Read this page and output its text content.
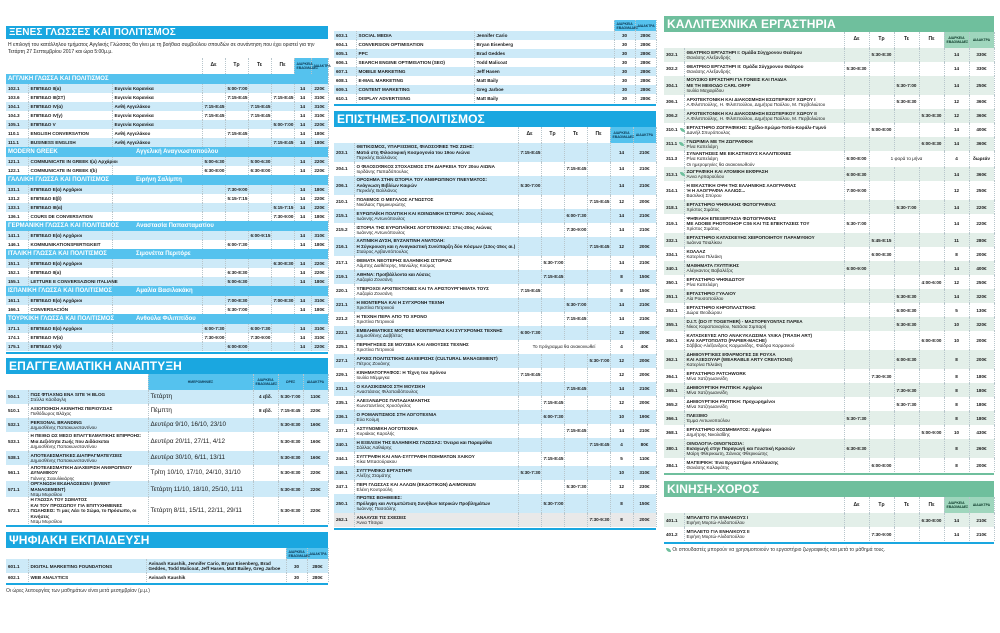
ΞΕΝΕΣ ΓΛΩΣΣΕΣ ΚΑΙ ΠΟΛΙΤΙΣΜΟΣ
Η επιλογή του κατάλληλου τμήματος Αγγλικής Γλώσσας θα γίνει με τη βοήθεια συμβούλου σπουδών σε συνάντηση που έχει οριστεί για την Τετάρτη 27 Σεπτεμβρίου 2017 και ώρα 5:00μ.μ.
			Δε	Τρ	Τε	Πε	ΔΙΑΡΚΕΙΑ ΕΒΔΟΜΑΔΕΣ	ΔΙΔΑΚΤΡΑ

ΑΓΓΛΙΚΗ ΓΛΩΣΣΑ ΚΑΙ ΠΟΛΙΤΙΣΜΟΣ								

102.1	ΕΠΙΠΕΔΟ ΙΙ(α)	Ευγενία Καρανίκα		5:00-7:00			14	220€
103.6	ΕΠΙΠΕΔΟ ΙΙΙ(ΣΤ)	Ευγενία Καρανίκα		7:15-8:45		7:15-8:45	14	310€
104.1	ΕΠΙΠΕΔΟ ΙV(α)	Ανθή Αγγελάκου	7:15-8:45		7:15-8:45		14	310€
104.3	ΕΠΙΠΕΔΟ ΙV(γ)	Ευγενία Καρανίκα	7:15-8:45		7:15-8:45		14	310€
105.1	ΕΠΙΠΕΔΟ V	Ευγενία Καρανίκα				5:00-7:00	14	220€
110.1	ENGLISH CONVERSATION	Ανθή Αγγελάκου		7:15-8:45			14	180€
111.1	BUSINESS ENGLISH	Ανθή Αγγελάκου				7:15-8:45	14	180€

MODERN GREEK Αγγελική Αναγνωστοπούλου								

121.1	COMMUNICATE IN GREEK I(a) Αρχάριοι		5:00-6:30		5:00-6:30		14	220€
122.1	COMMUNICATE IN GREEK I(b)		6:30-8:00		6:30-8:00		14	220€

ΓΑΛΛΙΚΗ ΓΛΩΣΣΑ ΚΑΙ ΠΟΛΙΤΙΣΜΟΣ Ειρήνη Σαλίμπη								

131.1	ΕΠΙΠΕΔΟ Ε(α) Αρχάριοι			7:30-9:00			14	180€
131.2	ΕΠΙΠΕΔΟ Ε(β)			5:15-7:15			14	220€
133.1	ΕΠΙΠΕΔΟ ΙΙΙ(α)					5:15-7:15	14	220€
136.1	COURS DE CONVERSATION					7:30-9:00	14	180€

ΓΕΡΜΑΝΙΚΗ ΓΛΩΣΣΑ ΚΑΙ ΠΟΛΙΤΙΣΜΟΣ Αναστασία Παπασταματίου								

141.1	ΕΠΙΠΕΔΟ Ε(α) Αρχάριοι				6:00-9:15		14	310€
146.1	KOMMUNIKATIONSFERTIGKEIT			6:00-7:30			14	180€

ΙΤΑΛΙΚΗ ΓΛΩΣΣΑ ΚΑΙ ΠΟΛΙΤΙΣΜΟΣ Σιμονέττα Περιτόρε								

151.1	ΕΠΙΠΕΔΟ Ε(α) Αρχάριοι					6:30-8:30	14	220€
152.1	ΕΠΙΠΕΔΟ ΙΙ(α)			6:30-8:30			14	220€
155.1	LETTURE E CONVERSAZIONI ITALIANE			5:00-6:30			14	180€

ΙΣΠΑΝΙΚΗ ΓΛΩΣΣΑ ΚΑΙ ΠΟΛΙΤΙΣΜΟΣ Αμαλία Βασιλακάκη								

161.1	ΕΠΙΠΕΔΟ Ε(α) Αρχάριοι			7:00-8:30		7:00-8:30	14	310€
166.1	CONVERSACIÓN			5:30-7:00			14	180€

ΤΟΥΡΚΙΚΗ ΓΛΩΣΣΑ ΚΑΙ ΠΟΛΙΤΙΣΜΟΣ Ανθούλα Φιλιππίδου								

171.1	ΕΠΙΠΕΔΟ Ε(α) Αρχάριοι		6:00-7:30		6:00-7:30		14	310€
174.1	ΕΠΙΠΕΔΟ ΙV(α)		7:30-9:00		7:30-9:00		14	310€
175.1	ΕΠΙΠΕΔΟ V(α)			6:00-8:00			14	220€
ΕΠΑΓΓΕΛΜΑΤΙΚΗ ΑΝΑΠΤΥΞΗ
		ΗΜΕΡΟΜΗΝΙΕΣ	ΔΙΑΡΚΕΙΑ ΕΒΔΟΜΑΔΕΣ	ΩΡΕΣ	ΔΙΔΑΚΤΡΑ
504.1	ΠΩΣ ΦΤΙΑΧΝΩ ΕΝΑ SITE Ή BLOG
Στέλλα Κάσδαγλη	Τετάρτη	4 εβδ.	5:30-7:00	110€
510.1	ΑΞΙΟΠΟΙΗΣΗ ΑΚΙΝΗΤΗΣ ΠΕΡΙΟΥΣΙΑΣ
Πυθόδωρος Βλάχος	Πέμπτη	8 εβδ.	7:15-8:45	220€
532.1	PERSONAL BRANDING
Δημοσθένης Παπακωνσταντίνου	Δευτέρα 9/10, 16/10, 23/10		5:30-8:30	160€
533.1	Η ΠΕΙΘΩ ΩΣ ΜΕΣΟ ΕΠΑΓΓΕΛΜΑΤΙΚΗΣ ΕΠΙΡΡΟΗΣ:
Μια Δεξιότητα Ζωής που Διδάσκεται
Δημοσθένης Παπακωνσταντίνου	Δευτέρα 20/11, 27/11, 4/12		5:30-8:30	160€
538.1	ΑΠΟΤΕΛΕΣΜΑΤΙΚΕΣ ΔΙΑΠΡΑΓΜΑΤΕΥΣΕΙΣ
Δημοσθένης Παπακωνσταντίνου	Δευτέρα 30/10, 6/11, 13/11		5:30-8:30	160€
561.1	ΑΠΟΤΕΛΕΣΜΑΤΙΚΗ ΔΙΑΧΕΙΡΙΣΗ ΑΝΘΡΩΠΙΝΟΥ ΔΥΝΑΜΙΚΟΥ
Γιάννης Σαουλίκιάρης	Τρίτη 10/10, 17/10, 24/10, 31/10		5:30-8:30	220€
571.1	ΟΡΓΑΝΩΣΗ ΕΚΔΗΛΩΣΕΩΝ I (EVENT MANAGEMENT)
Νταμ Μυρσίλου	Τετάρτη 11/10, 18/10, 25/10, 1/11		5:30-8:30	220€
572.1	Η ΓΛΩΣΣΑ ΤΟΥ ΣΩΜΑΤΟΣ
ΚΑΙ ΤΟΥ ΠΡΟΣΩΠΟΥ ΓΙΑ ΕΠΙΤΥΧΗΜΕΝΕΣ ΠΩΛΗΣΕΙΣ: Τι μας Λέει το Σώμα, το Πρόσωπο, οι Κινήσεις
Νταμ Μυρσίλου	Τετάρτη 8/11, 15/11, 22/11, 29/11		5:30-8:30	220€
ΨΗΦΙΑΚΗ ΕΚΠΑΙΔΕΥΣΗ
			ΔΙΑΡΚΕΙΑ ΕΒΔΟΜΑΔΕΣ	ΔΙΔΑΚΤΡΑ
601.1	DIGITAL MARKETING FOUNDATIONS	Avinash Kaushik, Jennifer Cario, Bryan Eisenberg, Brad Geddes, Todd Malicoat, Jeff Hasen, Matt Bailey, Greg Jarboe	30	280€
602.1	WEB ANALYTICS	Avinash Kaushik	30	280€
Οι ώρες λειτουργίας των μαθημάτων είναι μετά μεσημβρίαν (μ.μ.)
			ΔΙΑΡΚΕΙΑ ΕΒΔΟΜΑΔΕΣ	ΔΙΔΑΚΤΡΑ
603.1	SOCIAL MEDIA	Jennifer Cario	30	280€
604.1	CONVERSION OPTIMISATION	Bryan Eisenberg	30	280€
605.1	PPC	Brad Geddes	30	280€
606.1	SEARCH ENGINE OPTIMISATION (SEO)	Todd Malicoat	30	280€
607.1	MOBILE MARKETING	Jeff Hasen	30	280€
608.1	E-MAIL MARKETING	Matt Baily	30	280€
609.1	CONTENT MARKETING	Greg Jarboe	30	280€
610.1	DISPLAY ADVERTISING	Matt Baily	30	280€
ΕΠΙΣΤΗΜΕΣ-ΠΟΛΙΤΙΣΜΟΣ
		Δε	Τρ	Τε	Πε	ΔΙΑΡΚΕΙΑ ΕΒΔΟΜΑΔΕΣ	ΔΙΔΑΚΤΡΑ
203.1	ΘΕΤΙΚΙΣΜΟΣ, ΥΠΑΡΞΙΣΜΟΣ, ΦΙΛΟΣΟΦΙΕΣ ΤΗΣ ΖΩΗΣ:
Ματιά στη Φιλοσοφική Κοσμογονία του 19ου Αιώνα
Περικλής Βαλλιάνος	7:15-8:45				14	210€
204.1	Ο ΦΙΛΟΣΟΦΙΚΟΣ ΣΤΟΧΑΣΜΟΣ ΣΤΗ ΔΙΑΡΚΕΙΑ ΤΟΥ 20ου ΑΙΩΝΑ
Ιορδάνης Παπαδόπουλος			7:15-8:45		14	210€
206.1	ΟΡΟΣΗΜΑ ΣΤΗΝ ΙΣΤΟΡΙΑ ΤΟΥ ΑΝΘΡΩΠΙΝΟΥ ΠΝΕΥΜΑΤΟΣ:
Ανάγνωση Βιβλίων Καιρών
Περικλής Βαλλιάνος	5:30-7:00				14	210€
210.1	ΠΟΛΕΜΟΣ Ο ΜΕΓΑΛΟΣ ΑΓΝΩΣΤΟΣ
Νικόλαος Πριμικυριώτης				7:15-8:45	12	200€
215.1	ΕΥΡΩΠΑΪΚΗ ΠΟΛΙΤΙΚΗ ΚΑΙ ΚΟΙΝΩΝΙΚΗ ΙΣΤΟΡΙΑ: 20ος Αιώνας
Ιωάννης Αντωνόπουλος			6:00-7:30		14	210€
215.2	ΙΣΤΟΡΙΑ ΤΗΣ ΕΥΡΩΠΑΪΚΗΣ ΛΟΓΟΤΕΧΝΙΑΣ: 17ος-20ος Αιώνας
Ιωάννης Αντωνόπουλος			7:30-9:00		14	210€
216.1	ΛΑΤΙΝΙΚΗ ΔΥΣΗ, ΒΥΖΑΝΤΙΝΗ ΑΝΑΤΟΛΗ:
Η Σύγκρουση και η Αναγκαστική Συνύπαρξη δύο Κόσμων (13ος-15ος αι.)
Σταύρος Αρβανιτόπουλος				7:15-8:45	12	200€
217.1	ΘΕΜΑΤΑ ΝΕΟΤΕΡΗΣ ΕΛΛΗΝΙΚΗΣ ΙΣΤΟΡΙΑΣ
Λάμπης Διαθέτερης, Μανώλης Κούμας		5:30-7:00			14	210€
219.1	ΑΘΗΝΑ: Προϊβάλλοντα και Λύσεις
Λαζαρία Ζουσάνη		7:15-8:45			8	150€
220.1	ΥΠΕΡΟΧΟΙ ΑΡΧΙΤΕΚΤΟΝΕΣ ΚΑΙ ΤΑ ΑΡΙΣΤΟΥΡΓΗΜΑΤΑ ΤΟΥΣ
Λαζαρία Ζουσάνη	7:15-8:45				8	150€
221.1	Η ΜΟΝΤΕΡΝΑ ΚΑΙ Η ΣΥΓΧΡΟΝΗ ΤΕΧΝΗ
Χριστίνα Πετρινιού			5:30-7:00		14	210€
221.2	Η ΤΕΧΝΗ ΠΕΡΑ ΑΠΟ ΤΟ ΧΡΟΝΟ
Χριστίνα Πετρινιού			7:15-8:45		14	210€
222.1	ΕΜΒΛΗΜΑΤΙΚΕΣ ΜΟΡΦΕΣ ΜΟΝΤΕΡΝΑΣ ΚΑΙ ΣΥΓΧΡΟΝΗΣ ΤΕΧΝΗΣ
Δημοσθένης Δαββέτας	6:00-7:30				12	200€
225.1	ΠΕΡΙΗΓΗΣΕΙΣ ΣΕ ΜΟΥΣΕΙΑ ΚΑΙ ΑΙΘΟΥΣΕΣ ΤΕΧΝΗΣ
Χριστίνα Πετρινιού	Το πρόγραμμα θα ανακοινωθεί				4	40€
227.1	ΑΡΧΕΣ ΠΟΛΙΤΙΣΤΙΚΗΣ ΔΙΑΧΕΙΡΙΣΗΣ (CULTURAL MANAGEMENT)
Πέτρος Ζουάνης				5:30-7:00	12	200€
229.1	ΚΙΝΗΜΑΤΟΓΡΑΦΟΣ: Η Τέχνη του Χρόνου
Ιουλία Μέμμιγκα	7:15-8:45				12	200€
231.1	Ο ΚΛΑΣΙΚΙΣΜΟΣ ΣΤΗ ΜΟΥΣΙΚΗ
Αναστάσιος Φιλοπαιδόπουλος			7:15-8:45		14	210€
235.1	ΑΛΕΞΑΝΔΡΟΣ ΠΑΠΑΔΙΑΜΑΝΤΗΣ
Κωνσταντίνος Χρυσόγελος		7:15-8:45			12	200€
236.1	Ο ΡΟΜΑΝΤΙΣΜΟΣ ΣΤΗ ΛΟΓΟΤΕΧΝΙΑ
Εύα Κούμη		6:00-7:30			10	190€
237.1	ΑΣΤΥΝΟΜΙΚΗ ΛΟΓΟΤΕΧΝΙΑ
Κυριάκος Καρολής			7:15-8:45		14	210€
240.1	Η ΕΞΕΛΙΞΗ ΤΗΣ ΕΛΛΗΝΙΚΗΣ ΓΛΩΣΣΑΣ: Όνειρα και Παραμύθια
Σάλλας Λαθιάρης				7:15-8:45	4	80€
244.1	ΣΥΓΓΡΑΦΗ ΚΑΙ ΑΝΑ-ΣΥΓΓΡΑΦΗ ΠΟΙΗΜΑΤΩΝ ΧΑΙΚΟΥ
Κίκα Μπασούρακου		7:15-8:45			5	110€
246.1	ΣΥΓΓΡΑΦΙΚΟ ΕΡΓΑΣΤΗΡΙ
Αλέξης Σταμάτης	5:30-7:30				10	310€
247.1	ΠΕΡΙ ΓΛΩΣΣΑΣ ΚΑΙ ΑΛΛΩΝ (ΕΚΔΟΤΙΚΩΝ) ΔΑΙΜΟΝΙΩΝ
Ελένη Κουτρούλη			5:30-7:30		12	230€
250.1	ΠΡΩΤΕΣ ΒΟΗΘΕΙΕΣ:
Πρόληψη και Αντιμετώπιση Συνήθων Ιατρικών Προβλημάτων
Ιωάννης Πασσάλης		5:30-7:00			8	150€
262.1	ΑΝΑΛΥΣΕ ΤΙΣ ΣΧΕΣΕΙΣ
Άννα Τίτσιρα				7:30-9:30	8	200€
ΚΑΛΛΙΤΕΧΝΙΚΑ ΕΡΓΑΣΤΗΡΙΑ
		Δε	Τρ	Τε	Πε	ΔΙΑΡΚΕΙΑ ΕΒΔΟΜΑΔΕΣ	ΔΙΔΑΚΤΡΑ
302.1	ΘΕΑΤΡΙΚΟ ΕΡΓΑΣΤΗΡΙ Ι: Ομάδα Σύγχρονου Θεάτρου
Θανάσης Αλεξανδρής		5:30-8:30			14	330€
302.2	ΘΕΑΤΡΙΚΟ ΕΡΓΑΣΤΗΡΙ ΙΙ: Ομάδα Σύγχρονου Θεάτρου
Θανάσης Αλεξανδρής	5:30-8:30				14	330€
304.1	ΜΟΥΣΙΚΟ ΕΡΓΑΣΤΗΡΙ ΓΙΑ ΓΟΝΕΙΣ ΚΑΙ ΠΑΙΔΙΑ
ΜΕ ΤΗ ΜΕΘΟΔΟ CARL ORFF
Ιουλία Μαχαιρίδου			5:30-7:00		14	250€
306.1	ΑΡΧΙΤΕΚΤΟΝΙΚΗ ΚΑΙ ΔΙΑΚΟΣΜΗΣΗ ΕΣΩΤΕΡΙΚΟΥ ΧΩΡΟΥ Ι
Α.Φιλιππούλης, Η. Φιλιππούλου, Δημήτρα Παύλου, Μ. Περβολιώτου			5:30-8:30		12	360€
306.2	ΑΡΧΙΤΕΚΤΟΝΙΚΗ ΚΑΙ ΔΙΑΚΟΣΜΗΣΗ ΕΣΩΤΕΡΙΚΟΥ ΧΩΡΟΥ ΙΙ
Α.Φιλιππούλης, Η. Φιλιππούλου, Δημήτρα Παύλου, Μ. Περβολιώτου				5:30-8:30	12	360€
310.1	ΕΡΓΑΣΤΗΡΙΟ ΖΩΓΡΑΦΙΚΗΣ: Σχέδιο-Χρώμα-Τοπίο-Κεφάλι-Γυμνό
Δανιήλ Σπυρόπουλος		5:00-8:00			14	400€
311.1	ΓΝΩΡΙΜΙΑ ΜΕ ΤΗ ΖΩΓΡΑΦΙΚΗ
Ρίνα Καπελάρη				6:00-8:30	14	360€
311.3	ΣΥΝΑΝΤΗΣΕΙΣ ΜΕ ΕΙΚΑΣΤΙΚΟΥΣ ΚΑΛΛΙΤΕΧΝΕΣ
Ρίνα Καπελάρη
Οι ημερομηνίες θα ανακοινωθούν	6:00-8:00	1 φορά το μήνα			4	δωρεάν
313.1	ΖΩΓΡΑΦΙΚΗ ΚΑΙ ΑΤΟΜΙΚΗ ΕΚΦΡΑΣΗ
Άννα Αρπαρούλου	6:00-8:30				14	360€
314.1	Η ΕΙΚΑΣΤΙΚΗ ΟΨΗ ΤΗΣ ΕΛΛΗΝΙΚΗΣ ΛΑΟΓΡΑΦΙΑΣ
Ή Η ΛΑΟΓΡΑΦΙΑ ΑΛΛΙΩΣ...
Βασιλική Σπύρου	7:00-9:00				12	250€
318.1	ΕΡΓΑΣΤΗΡΙΟ ΨΗΦΙΑΚΗΣ ΦΩΤΟΓΡΑΦΙΑΣ
Χρίστος Σιμάτος			5:30-7:00		14	220€
319.1	ΨΗΦΙΑΚΗ ΕΠΕΞΕΡΓΑΣΙΑ ΦΩΤΟΓΡΑΦΙΑΣ
ΜΕ ADOBE PHOTOSHOP CS6 ΚΑΙ ΤΙΣ ΕΠΕΚΤΑΣΕΙΣ ΤΟΥ
Χρίστος Σιμάτος	5:30-7:00				14	220€
332.1	ΕΡΓΑΣΤΗΡΙΟ ΚΑΤΑΣΚΕΥΗΣ ΧΕΙΡΟΠΟΙΗΤΟΥ ΠΑΡΑΜΥΘΙΟΥ
Ιωάννα Τσιαλίκου		5:45-8:15			11	280€
334.1	ΚΟΛΛΑΖ
Κατερίνα Πιλεάκη		6:00-8:30			8	200€
340.1	ΜΑΘΗΜΑΤΑ ΓΛΥΠΤΙΚΗΣ
Αλέγκαντος Βαβαλέζος	6:00-9:00				14	400€
350.1	ΕΡΓΑΣΤΗΡΙΟ ΨΗΦΙΔΩΤΟΥ
Ρίνα Καπελάρη				4:00-6:00	12	250€
351.1	ΕΡΓΑΣΤΗΡΙΟ ΓΥΑΛΙΟΥ
Λία Ρουσοπούλου			5:30-8:30		14	320€
352.1	ΕΡΓΑΣΤΗΡΙΟ ΚΗΡΟΠΛΑΣΤΙΚΗΣ
Δώρα Θεοδώρου			6:00-8:30		5	130€
355.1	D.I.T. (DO IT TOGETHER) - ΜΑΣΤΟΡΕΥΟΝΤΑΣ ΠΑΡΕΑ
Νίκος Καραπαναγίου, Νατάσα Σιμπαρή			5:30-8:30		10	320€
360.1	ΚΑΤΑΣΚΕΥΕΣ ΑΠΟ ΑΝΑΚΥΚΛΩΣΙΜΑ ΥΛΙΚΑ (TRASH ART)
ΚΑΙ ΧΑΡΤΟΠΟΛΤΟ (PAPIER-MACHE)
Σάββας-Αλέξανδρος Καρμανίδης, Φαίδρα Καρμανιού				6:00-8:00	10	200€
362.1	ΔΗΜΙΟΥΡΓΙΚΕΣ ΕΦΑΡΜΟΓΕΣ ΣΕ ΡΟΥΧΑ
ΚΑΙ ΑΞΕΣΟΥΑΡ (WEARABLE ARTY CREATIONS)
Κατερίνα Πιλεάκη			6:00-8:30		8	200€
364.1	ΕΡΓΑΣΤΗΡΙΟ PATCHWORK
Μίνα Χατζηιωαννίδη		7:30-9:30			8	180€
365.1	ΔΗΜΙΟΥΡΓΙΚΗ ΡΑΠΤΙΚΗ: Αρχάριοι
Μίνα Χατζηιωαννίδη			7:30-9:30		8	180€
365.2	ΔΗΜΙΟΥΡΓΙΚΗ ΡΑΠΤΙΚΗ: Προχωρημένοι
Μίνα Χατζηιωαννίδη			5:30-7:30		8	180€
366.1	ΠΛΕΞΙΜΟ
Έμμα Αντωνοπούλου	5:30-7:30				8	180€
368.1	ΕΡΓΑΣΤΗΡΙΟ ΚΟΣΜΗΜΑΤΟΣ: Αρχάριοι
Δημήτρης Νικολαΐδης				5:00-9:00	10	430€
380.1	ΟΙΝΟΛΟΓΙΑ-ΟΙΝΟΓΝΩΣΙΑ:
Εισαγωγή στην Παραγωγή και Γευστική Κρασιών
Μαίρη Φθερικιώτη, Σάννας Φθερικιώτης	6:30-8:30				8	260€
384.1	ΜΑΓΕΙΡΙΚΗ: Ένα Εργαστήριο Απόλαυσης
Θανάσης Καλαφάτης		6:00-8:00			8	200€
ΚΙΝΗΣΗ-ΧΟΡΟΣ
		Δε	Τρ	Τε	Πε	ΔΙΑΡΚΕΙΑ ΕΒΔΟΜΑΔΕΣ	ΔΙΔΑΚΤΡΑ
401.1	ΜΠΑΛΕΤΟ ΓΙΑ ΕΝΗΛΙΚΟΥΣ Ι
Ειρήνη Μυρτώ-Αλιδοπούλου				6:30-8:00	14	210€
401.2	ΜΠΑΛΕΤΟ ΓΙΑ ΕΝΗΛΙΚΟΥΣ ΙΙ
Ειρήνη Μυρτώ-Αλιδοπούλου		7:30-9:00			14	210€
Οι σπουδαστές μπορούν να χρησιμοποιούν το εργαστήριο ζωγραφικής και μετά το μάθημά τους.
